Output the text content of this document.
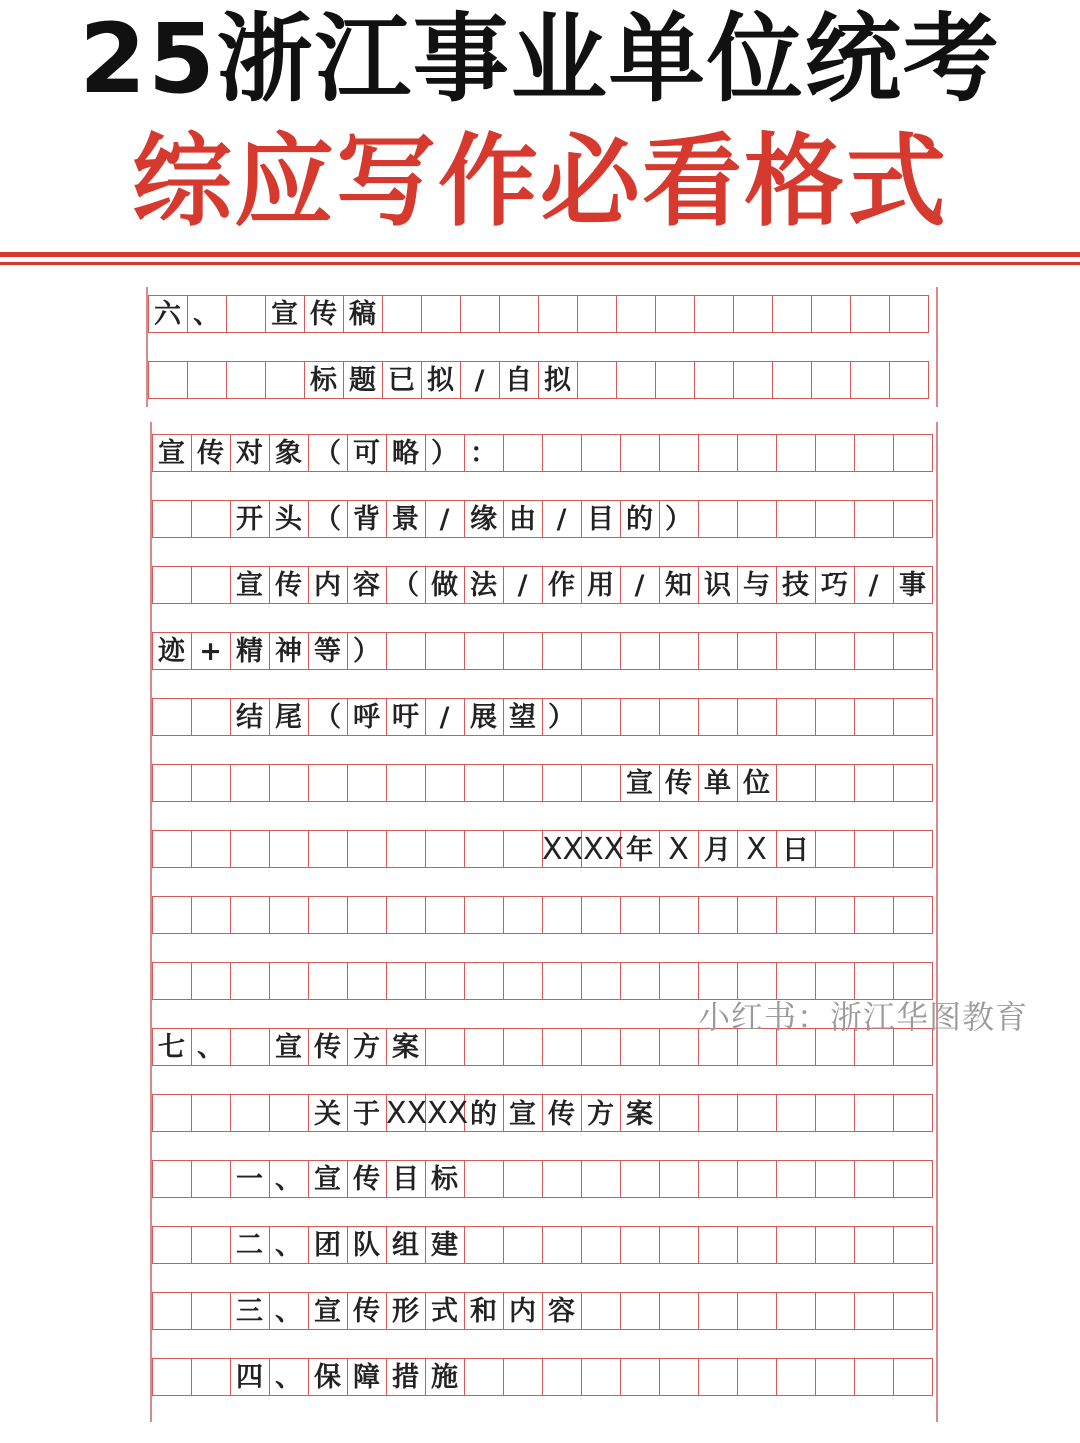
25浙江事业单位统考
综应写作必看格式
六 、 宣 传 稿
标 题 已 拟 / 自 拟
宣 传 对 象 （ 可 略 ） ：
开 头 （ 背 景 / 缘 由 / 目 的 ）
宣 传 内 容 （ 做 法 / 作 用 / 知 识 与 技 巧 / 事
迹 + 精 神 等 ）
结 尾 （ 呼 吁 / 展 望 ）
宣 传 单 位
XXXX年 X 月 X 日
七 、 宣 传 方 案
关 于 XXXX的 宣 传 方 案
一 、 宣 传 目 标
二 、 团 队 组 建
三 、 宣 传 形 式 和 内 容
四 、 保 障 措 施
小红书：浙江华图教育
